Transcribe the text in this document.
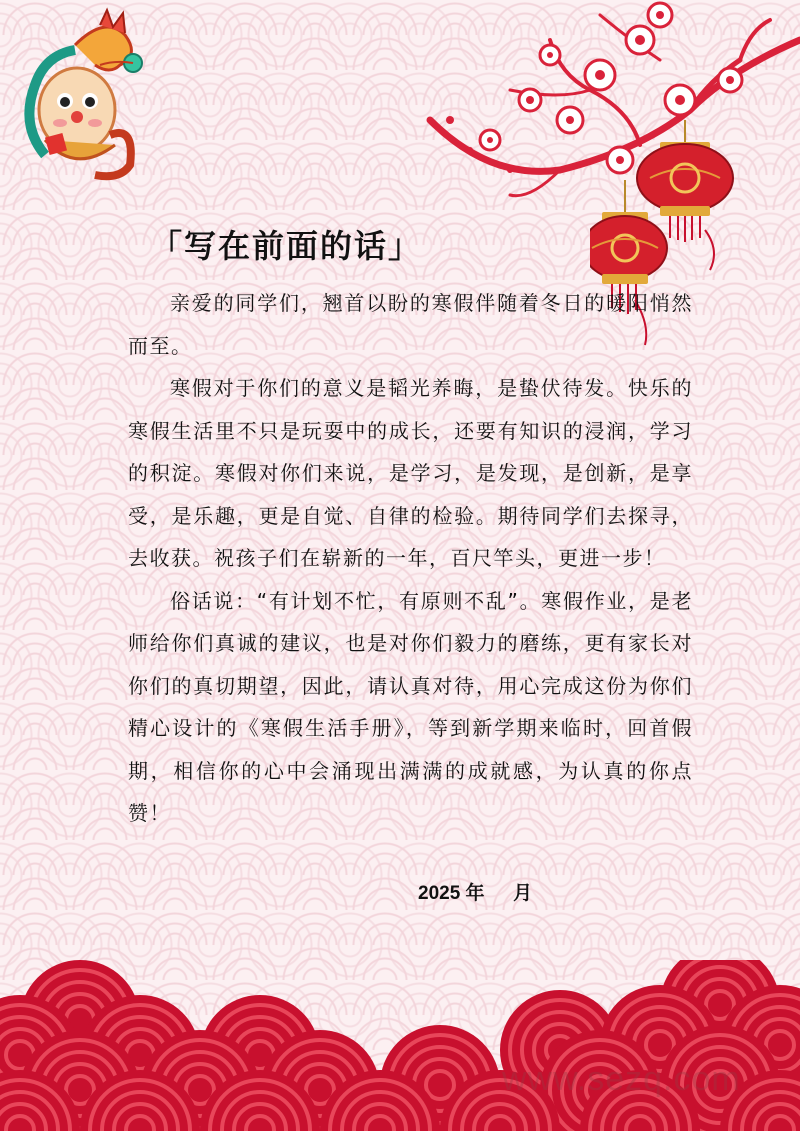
「写在前面的话」

亲爱的同学们，翘首以盼的寒假伴随着冬日的暖阳悄然而至。

寒假对于你们的意义是韬光养晦，是蛰伏待发。快乐的寒假生活里不只是玩耍中的成长，还要有知识的浸润，学习的积淀。寒假对你们来说，是学习，是发现，是创新，是享受，是乐趣，更是自觉、自律的检验。期待同学们去探寻，去收获。祝孩子们在崭新的一年，百尺竿头，更进一步！

俗话说：“有计划不忙，有原则不乱”。寒假作业，是老师给你们真诚的建议，也是对你们毅力的磨练，更有家长对你们的真切期望，因此，请认真对待，用心完成这份为你们精心设计的《寒假生活手册》，等到新学期来临时，回首假期，相信你的心中会涌现出满满的成就感，为认真的你点赞！

2025 年 月
www.sezq.com
